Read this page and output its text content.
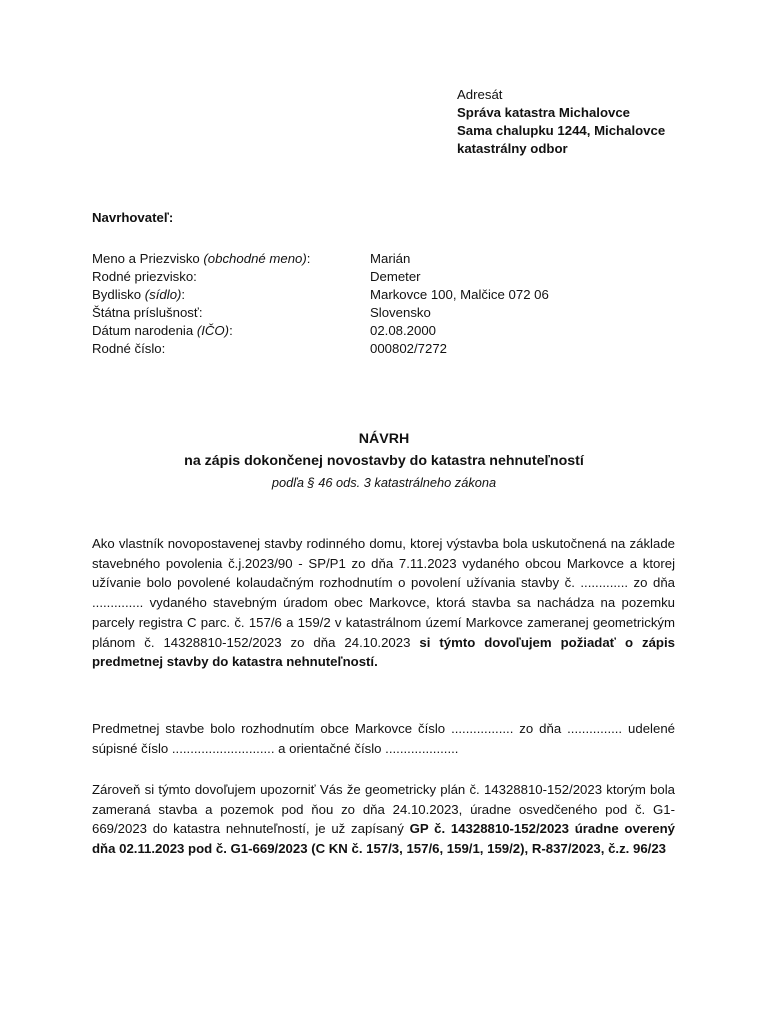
Adresát
Správa katastra Michalovce
Sama chalupku 1244, Michalovce
katastrálny odbor
Navrhovateľ:
Meno a Priezvisko (obchodné meno):	Marián
Rodné priezvisko:	Demeter
Bydlisko (sídlo):	Markovce 100, Malčice 072 06
Štátna príslušnosť:	Slovensko
Dátum narodenia (IČO):	02.08.2000
Rodné číslo:	000802/7272
NÁVRH
na zápis dokončenej novostavby do katastra nehnuteľností
podľa § 46 ods. 3 katastrálneho zákona
Ako vlastník novopostavenej stavby rodinného domu, ktorej výstavba bola uskutočnená na základe stavebného povolenia č.j.2023/90 - SP/P1 zo dňa 7.11.2023 vydaného obcou Markovce a ktorej užívanie bolo povolené kolaudačným rozhodnutím o povolení užívania stavby č. ............. zo dňa .............. vydaného stavebným úradom obec Markovce, ktorá stavba sa nachádza na pozemku parcely registra C parc. č. 157/6 a 159/2 v katastrálnom území Markovce zameranej geometrickým plánom č. 14328810-152/2023 zo dňa 24.10.2023 si týmto dovoľujem požiadať o zápis predmetnej stavby do katastra nehnuteľností.
Predmetnej stavbe bolo rozhodnutím obce Markovce číslo ................. zo dňa ............... udelené súpisné číslo ............................ a orientačné číslo ....................
Zároveň si týmto dovoľujem upozorniť Vás že geometricky plán č. 14328810-152/2023 ktorým bola zameraná stavba a pozemok pod ňou zo dňa 24.10.2023, úradne osvedčeného pod č. G1-669/2023 do katastra nehnuteľností, je už zapísaný GP č. 14328810-152/2023 úradne overený dňa 02.11.2023 pod č. G1-669/2023 (C KN č. 157/3, 157/6, 159/1, 159/2), R-837/2023, č.z. 96/23
